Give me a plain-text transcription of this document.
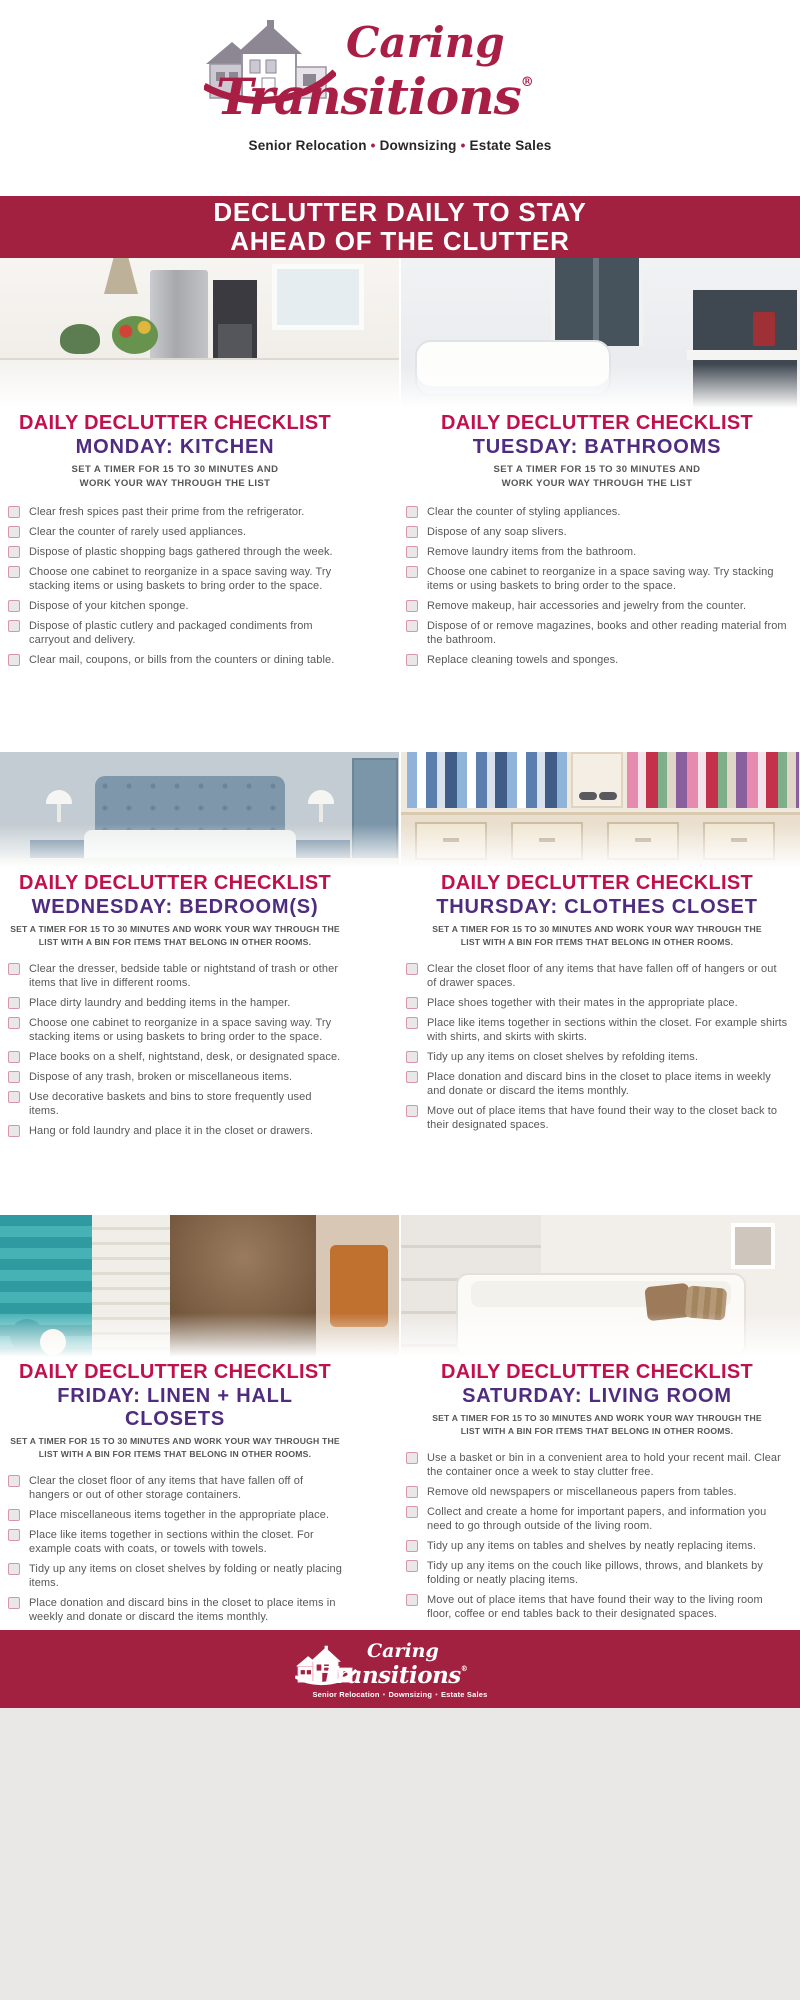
Caring
Transitions®
Senior Relocation • Downsizing • Estate Sales
DECLUTTER DAILY TO STAY
AHEAD OF THE CLUTTER
DAILY DECLUTTER CHECKLIST
MONDAY: KITCHEN
SET A TIMER FOR 15 TO 30 MINUTES AND WORK YOUR WAY THROUGH THE LIST
Clear fresh spices past their prime from the refrigerator.
Clear the counter of rarely used appliances.
Dispose of plastic shopping bags gathered through the week.
Choose one cabinet to reorganize in a space saving way. Try stacking items or using baskets to bring order to the space.
Dispose of your kitchen sponge.
Dispose of plastic cutlery and packaged condiments from carryout and delivery.
Clear mail, coupons, or bills from the counters or dining table.
DAILY DECLUTTER CHECKLIST
TUESDAY: BATHROOMS
SET A TIMER FOR 15 TO 30 MINUTES AND WORK YOUR WAY THROUGH THE LIST
Clear the counter of styling appliances.
Dispose of any soap slivers.
Remove laundry items from the bathroom.
Choose one cabinet to reorganize in a space saving way. Try stacking items or using baskets to bring order to the space.
Remove makeup, hair accessories and jewelry from the counter.
Dispose of or remove magazines, books and other reading material from the bathroom.
Replace cleaning towels and sponges.
DAILY DECLUTTER CHECKLIST
WEDNESDAY: BEDROOM(S)
SET A TIMER FOR 15 TO 30 MINUTES AND WORK YOUR WAY THROUGH THE LIST WITH A BIN FOR ITEMS THAT BELONG IN OTHER ROOMS.
Clear the dresser, bedside table or nightstand of trash or other items that live in different rooms.
Place dirty laundry and bedding items in the hamper.
Choose one cabinet to reorganize in a space saving way. Try stacking items or using baskets to bring order to the space.
Place books on a shelf, nightstand, desk, or designated space.
Dispose of any trash, broken or miscellaneous items.
Use decorative baskets and bins to store frequently used items.
Hang or fold laundry and place it in the closet or drawers.
DAILY DECLUTTER CHECKLIST
THURSDAY: CLOTHES CLOSET
SET A TIMER FOR 15 TO 30 MINUTES AND WORK YOUR WAY THROUGH THE LIST WITH A BIN FOR ITEMS THAT BELONG IN OTHER ROOMS.
Clear the closet floor of any items that have fallen off of hangers or out of drawer spaces.
Place shoes together with their mates in the appropriate place.
Place like items together in sections within the closet. For example shirts with shirts, and skirts with skirts.
Tidy up any items on closet shelves by refolding items.
Place donation and discard bins in the closet to place items in weekly and donate or discard the items monthly.
Move out of place items that have found their way to the closet back to their designated spaces.
DAILY DECLUTTER CHECKLIST
FRIDAY: LINEN + HALL CLOSETS
SET A TIMER FOR 15 TO 30 MINUTES AND WORK YOUR WAY THROUGH THE LIST WITH A BIN FOR ITEMS THAT BELONG IN OTHER ROOMS.
Clear the closet floor of any items that have fallen off of hangers or out of other storage containers.
Place miscellaneous items together in the appropriate place.
Place like items together in sections within the closet. For example coats with coats, or towels with towels.
Tidy up any items on closet shelves by folding or neatly placing items.
Place donation and discard bins in the closet to place items in weekly and donate or discard the items monthly.
DAILY DECLUTTER CHECKLIST
SATURDAY: LIVING ROOM
SET A TIMER FOR 15 TO 30 MINUTES AND WORK YOUR WAY THROUGH THE LIST WITH A BIN FOR ITEMS THAT BELONG IN OTHER ROOMS.
Use a basket or bin in a convenient area to hold your recent mail. Clear the container once a week to stay clutter free.
Remove old newspapers or miscellaneous papers from tables.
Collect and create a home for important papers, and information you need to go through outside of the living room.
Tidy up any items on tables and shelves by neatly replacing items.
Tidy up any items on the couch like pillows, throws, and blankets by folding or neatly placing items.
Move out of place items that have found their way to the living room floor, coffee or end tables back to their designated spaces.
Caring
Transitions®
Senior Relocation • Downsizing • Estate Sales
